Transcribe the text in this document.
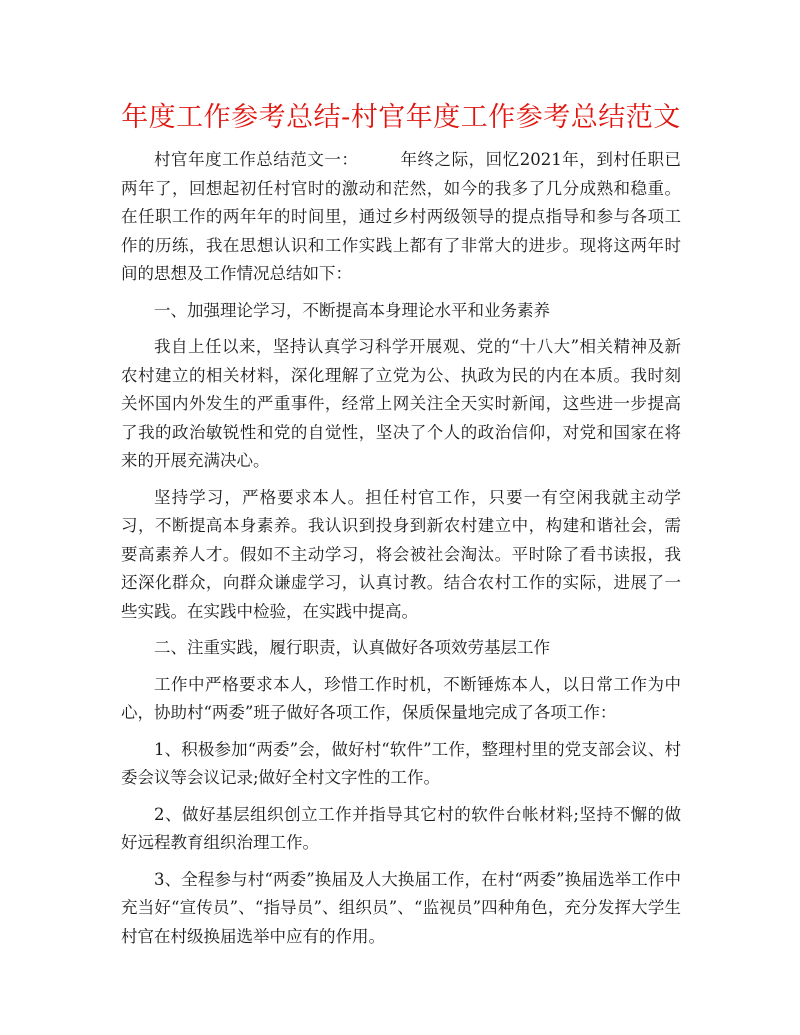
年度工作参考总结-村官年度工作参考总结范文

村官年度工作总结范文一：	年终之际，回忆2021年，到村任职已两年了，回想起初任村官时的激动和茫然，如今的我多了几分成熟和稳重。在任职工作的两年年的时间里，通过乡村两级领导的提点指导和参与各项工作的历练，我在思想认识和工作实践上都有了非常大的进步。现将这两年时间的思想及工作情况总结如下：

一、加强理论学习，不断提高本身理论水平和业务素养

我自上任以来，坚持认真学习科学开展观、党的“十八大”相关精神及新农村建立的相关材料，深化理解了立党为公、执政为民的内在本质。我时刻关怀国内外发生的严重事件，经常上网关注全天实时新闻，这些进一步提高了我的政治敏锐性和党的自觉性，坚决了个人的政治信仰，对党和国家在将来的开展充满决心。

坚持学习，严格要求本人。担任村官工作，只要一有空闲我就主动学习，不断提高本身素养。我认识到投身到新农村建立中，构建和谐社会，需要高素养人才。假如不主动学习，将会被社会淘汰。平时除了看书读报，我还深化群众，向群众谦虚学习，认真讨教。结合农村工作的实际，进展了一些实践。在实践中检验，在实践中提高。

二、注重实践，履行职责，认真做好各项效劳基层工作

工作中严格要求本人，珍惜工作时机，不断锤炼本人，以日常工作为中心，协助村“两委”班子做好各项工作，保质保量地完成了各项工作：

1、积极参加“两委”会，做好村“软件”工作，整理村里的党支部会议、村委会议等会议记录;做好全村文字性的工作。

2、做好基层组织创立工作并指导其它村的软件台帐材料;坚持不懈的做好远程教育组织治理工作。

3、全程参与村“两委”换届及人大换届工作，在村“两委”换届选举工作中充当好“宣传员”、“指导员”、组织员”、“监视员”四种角色，充分发挥大学生村官在村级换届选举中应有的作用。
